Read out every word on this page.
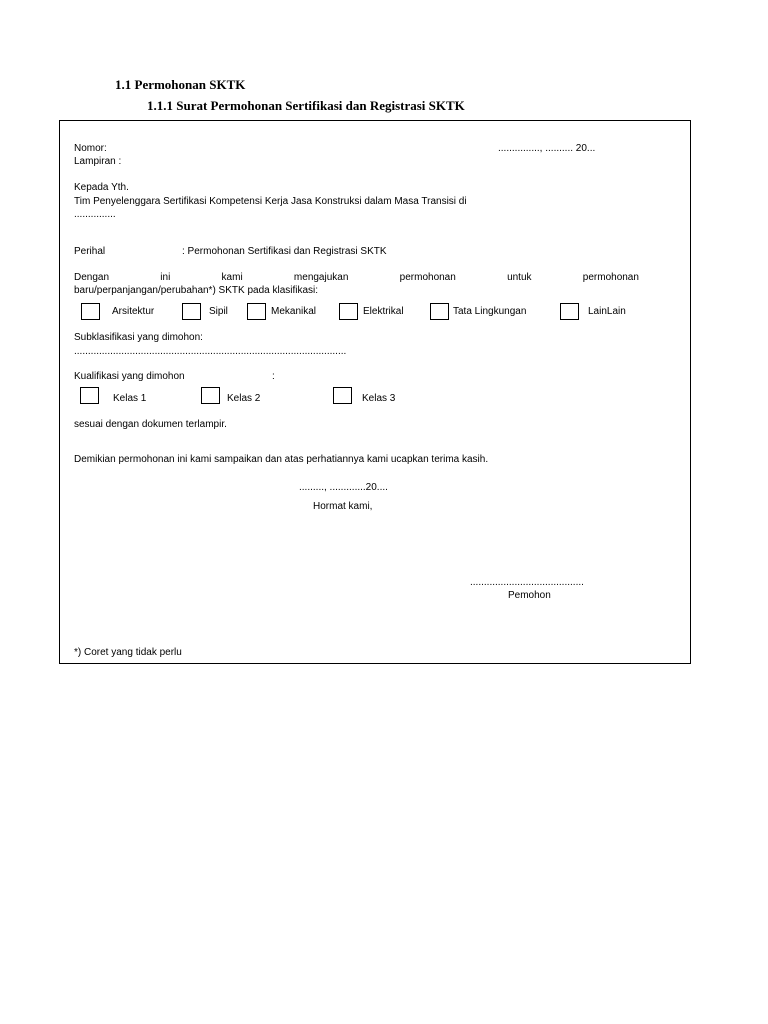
1.1 Permohonan SKTK
1.1.1 Surat Permohonan Sertifikasi dan Registrasi SKTK
Nomor:	..............., .......... 20...
Lampiran :
Kepada Yth.
Tim Penyelenggara Sertifikasi Kompetensi Kerja Jasa Konstruksi dalam Masa Transisi di
...............
Perihal	: Permohonan Sertifikasi dan Registrasi SKTK
Dengan	ini	kami	mengajukan	permohonan	untuk	permohonan
baru/perpanjangan/perubahan*) SKTK pada klasifikasi:
Arsitektur	Sipil	Mekanikal	Elektrikal	Tata Lingkungan	LainLain
Subklasifikasi yang dimohon:
..................................................................................................
Kualifikasi yang dimohon	:
Kelas 1	Kelas 2	Kelas 3
sesuai dengan dokumen terlampir.
Demikian permohonan ini kami sampaikan dan atas perhatiannya kami ucapkan terima kasih.
........., .............20....
Hormat kami,
.........................................
Pemohon
*) Coret yang tidak perlu
